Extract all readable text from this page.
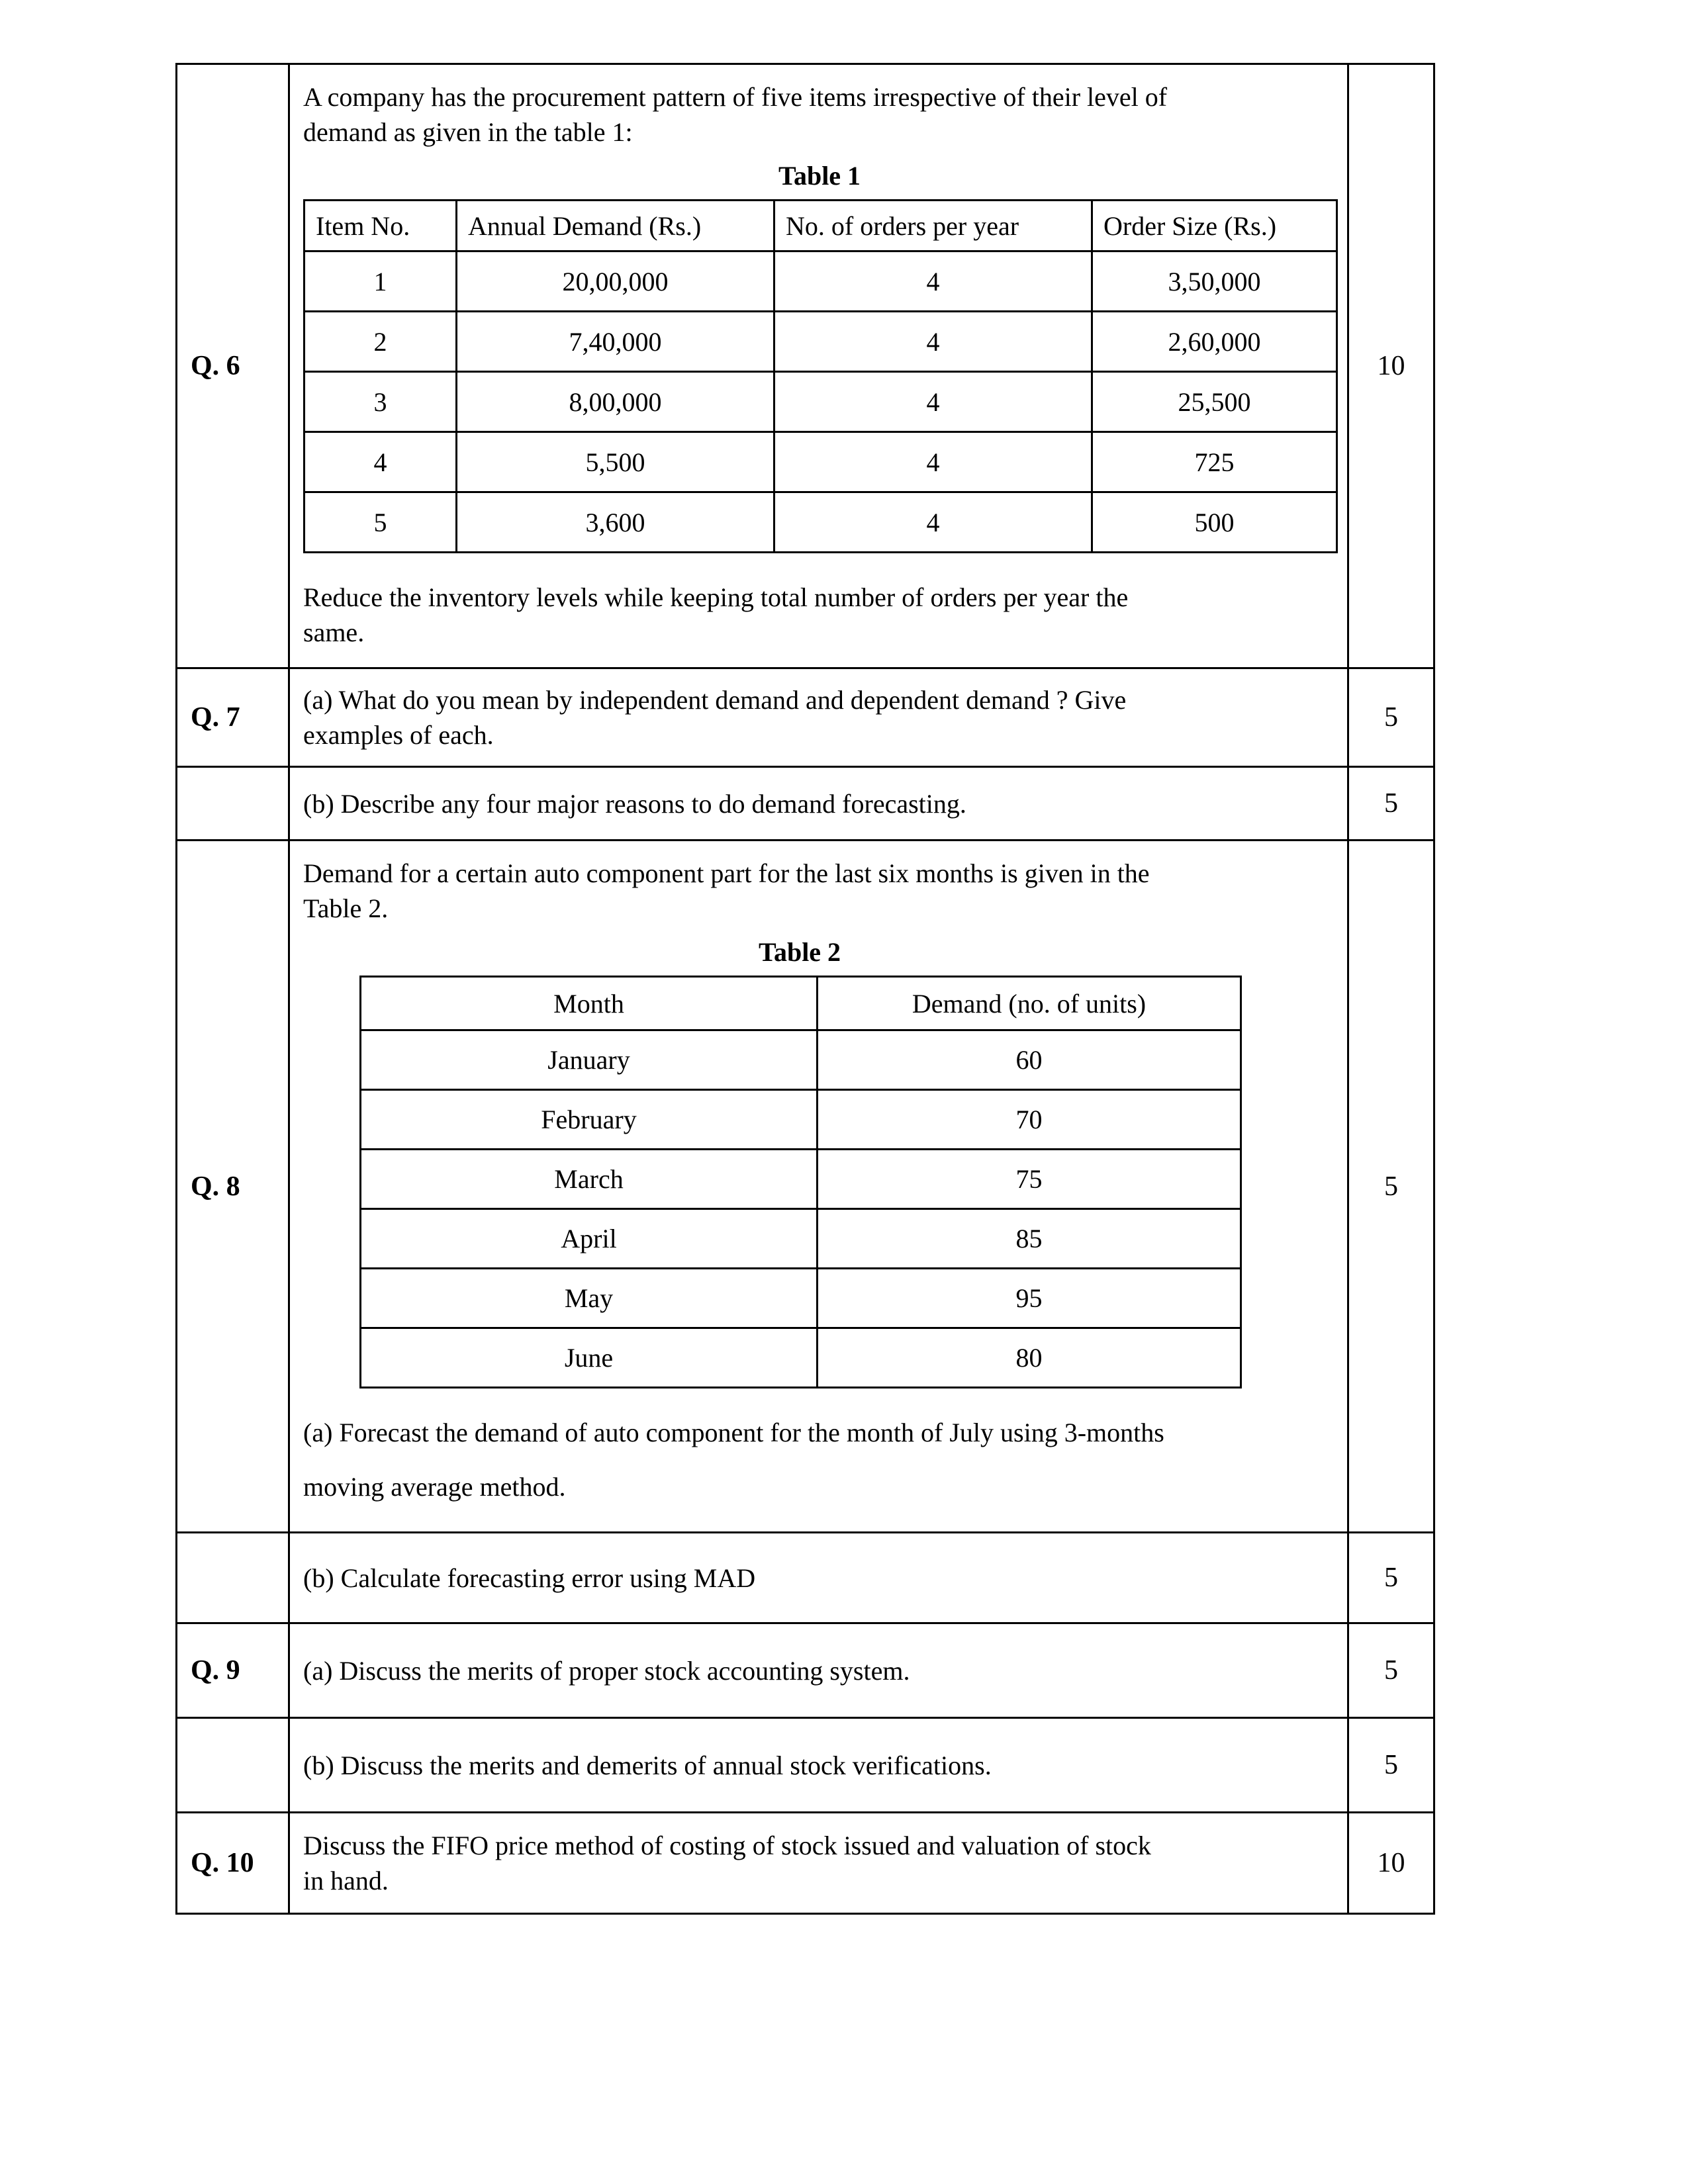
Q. 6

A company has the procurement pattern of five items irrespective of their level of
demand as given in the table 1:
Table 1
Item No.	Annual Demand (Rs.)	No. of orders per year	Order Size (Rs.)
1	20,00,000	4	3,50,000
2	7,40,000	4	2,60,000
3	8,00,000	4	25,500
4	5,500	4	725
5	3,600	4	500
Reduce the inventory levels while keeping total number of orders per year the
same.
	10

Q. 7

(a) What do you mean by independent demand and dependent demand ? Give
examples of each.
	5

(b) Describe any four major reasons to do demand forecasting.	5

Q. 8

Demand for a certain auto component part for the last six months is given in the
Table 2.
Table 2
Month	Demand (no. of units)
January	60
February	70
March	75
April	85
May	95
June	80
(a) Forecast the demand of auto component for the month of July using 3-months
moving average method.
	5

(b) Calculate forecasting error using MAD	5

Q. 9	(a) Discuss the merits of proper stock accounting system.	5

(b) Discuss the merits and demerits of annual stock verifications.	5

Q. 10

Discuss the FIFO price method of costing of stock issued and valuation of stock
in hand.
	10
